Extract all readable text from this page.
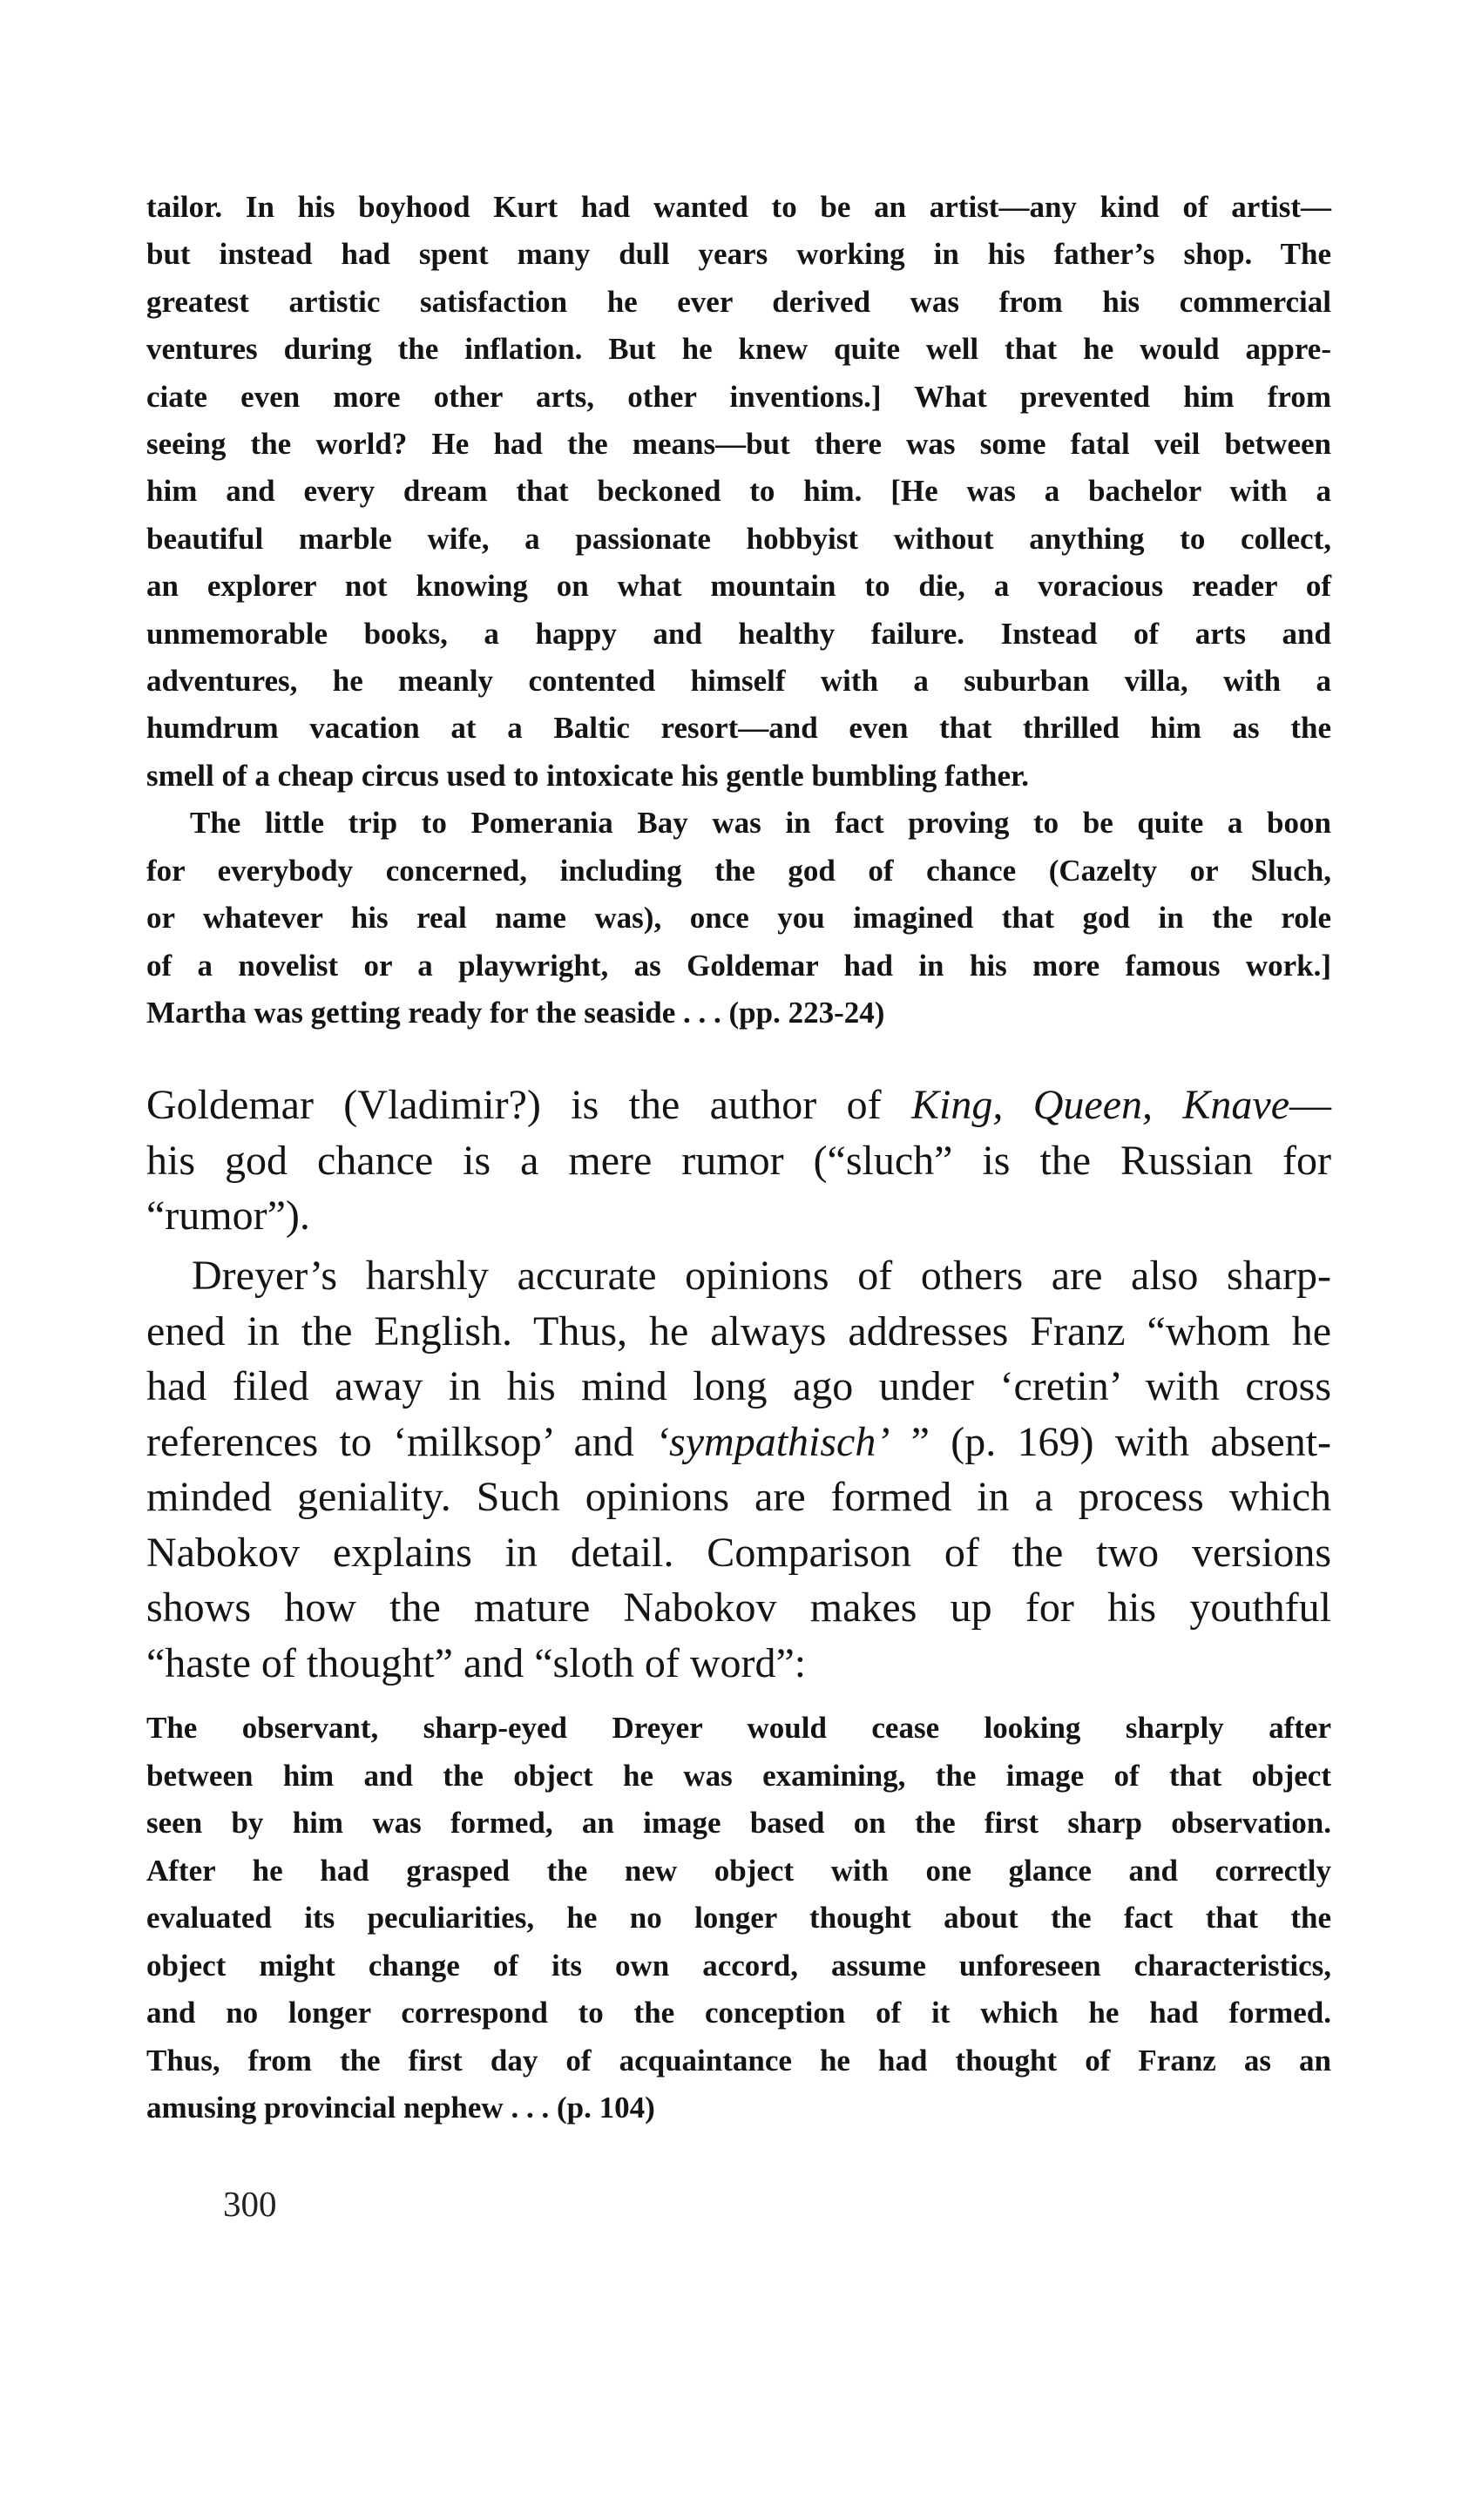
tailor. In his boyhood Kurt had wanted to be an artist—any kind of artist—

but instead had spent many dull years working in his father’s shop. The

greatest artistic satisfaction he ever derived was from his commercial

ventures during the inflation. But he knew quite well that he would appre-

ciate even more other arts, other inventions.] What prevented him from

seeing the world? He had the means—but there was some fatal veil between

him and every dream that beckoned to him. [He was a bachelor with a

beautiful marble wife, a passionate hobbyist without anything to collect,

an explorer not knowing on what mountain to die, a voracious reader of

unmemorable books, a happy and healthy failure. Instead of arts and

adventures, he meanly contented himself with a suburban villa, with a

humdrum vacation at a Baltic resort—and even that thrilled him as the

smell of a cheap circus used to intoxicate his gentle bumbling father.

The little trip to Pomerania Bay was in fact proving to be quite a boon

for everybody concerned, including the god of chance (Cazelty or Sluch,

or whatever his real name was), once you imagined that god in the role

of a novelist or a playwright, as Goldemar had in his more famous work.]

Martha was getting ready for the seaside . . . (pp. 223-24)

Goldemar (Vladimir?) is the author of King, Queen, Knave—

his god chance is a mere rumor (“sluch” is the Russian for

“rumor”).

Dreyer’s harshly accurate opinions of others are also sharp-

ened in the English. Thus, he always addresses Franz “whom he

had filed away in his mind long ago under ‘cretin’ with cross

references to ‘milksop’ and ‘sympathisch’ ” (p. 169) with absent-

minded geniality. Such opinions are formed in a process which

Nabokov explains in detail. Comparison of the two versions

shows how the mature Nabokov makes up for his youthful

“haste of thought” and “sloth of word”:

The observant, sharp-eyed Dreyer would cease looking sharply after

between him and the object he was examining, the image of that object

seen by him was formed, an image based on the first sharp observation.

After he had grasped the new object with one glance and correctly

evaluated its peculiarities, he no longer thought about the fact that the

object might change of its own accord, assume unforeseen characteristics,

and no longer correspond to the conception of it which he had formed.

Thus, from the first day of acquaintance he had thought of Franz as an

amusing provincial nephew . . . (p. 104)

300
